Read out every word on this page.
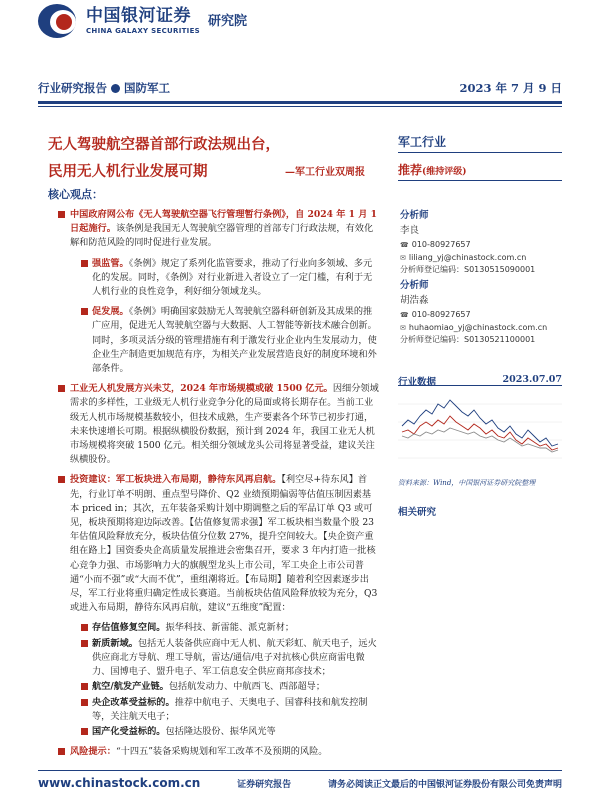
中国银河证券
CHINA GALAXY SECURITIES
研究院
行业研究报告 国防军工	2023 年 7 月 9 日
无人驾驶航空器首部行政法规出台，
民用无人机行业发展可期	—军工行业双周报
核心观点：
中国政府网公布《无人驾驶航空器飞行管理暂行条例》，自 2024 年 1 月 1 日起施行。该条例是我国无人驾驶航空器管理的首部专门行政法规，有效化解和防范风险的同时促进行业发展。
强监管。《条例》规定了系列化监管要求，推动了行业向多领域、多元化的发展。同时，《条例》对行业新进入者设立了一定门槛，有利于无人机行业的良性竞争，利好细分领域龙头。
促发展。《条例》明确国家鼓励无人驾驶航空器科研创新及其成果的推广应用，促进无人驾驶航空器与大数据、人工智能等新技术融合创新。同时，多项灵活分级的管理措施有利于激发行业企业内生发展动力，使企业生产制造更加规范有序，为相关产业发展营造良好的制度环境和外部条件。
工业无人机发展方兴未艾，2024 年市场规模或破 1500 亿元。因细分领域需求的多样性，工业级无人机行业竞争分化的局面或将长期存在。当前工业级无人机市场规模基数较小，但技术成熟，生产要素各个环节已初步打通，未来快速增长可期。根据纵横股份数据，预计到 2024 年，我国工业无人机市场规模将突破 1500 亿元。相关细分领域龙头公司将显著受益，建议关注纵横股份。
投资建议：军工板块进入布局期，静待东风再启航。【利空尽+待东风】首先，行业订单不明朗、重点型号降价、Q2 业绩预期偏弱等估值压制因素基本 priced in；其次，五年装备采购计划中期调整之后的军品订单 Q3 或可见，板块预期将迎边际改善。【估值修复需求强】军工板块相当数量个股 23 年估值风险释放充分，板块估值分位数 27%，提升空间较大。【央企资产重组在路上】国资委央企高质量发展推进会密集召开，要求 3 年内打造一批核心竞争力强、市场影响力大的旗舰型龙头上市公司，军工央企上市公司普通“小而不强”或“大而不优”，重组潮将近。【布局期】随着利空因素逐步出尽，军工行业将重归确定性成长赛道。当前板块估值风险释放较为充分，Q3 或进入布局期，静待东风再启航，建议“五维度”配置：
存估值修复空间。振华科技、新雷能、派克新材；
新质新域。包括无人装备供应商中无人机、航天彩虹、航天电子，远火供应商北方导航、理工导航，雷达/通信/电子对抗核心供应商雷电微力、国博电子、盟升电子、军工信息安全供应商邦彦技术；
航空/航发产业链。包括航发动力、中航西飞、西部超导；
央企改革受益标的。推荐中航电子、天奥电子、国睿科技和航发控制等，关注航天电子；
国产化受益标的。包括隆达股份、振华风光等
风险提示：“十四五”装备采购规划和军工改革不及预期的风险。
军工行业
推荐(维持评级)
分析师
李良
☎ 010-80927657
✉ liliang_yj@chinastock.com.cn
分析师登记编码：S0130515090001
分析师
胡浩淼
☎ 010-80927657
✉ huhaomiao_yj@chinastock.com.cn
分析师登记编码：S0130521100001
行业数据	2023.07.07
资料来源：Wind，中国银河证券研究院整理
相关研究
www.chinastock.com.cn	证券研究报告	请务必阅读正文最后的中国银河证券股份有限公司免责声明
